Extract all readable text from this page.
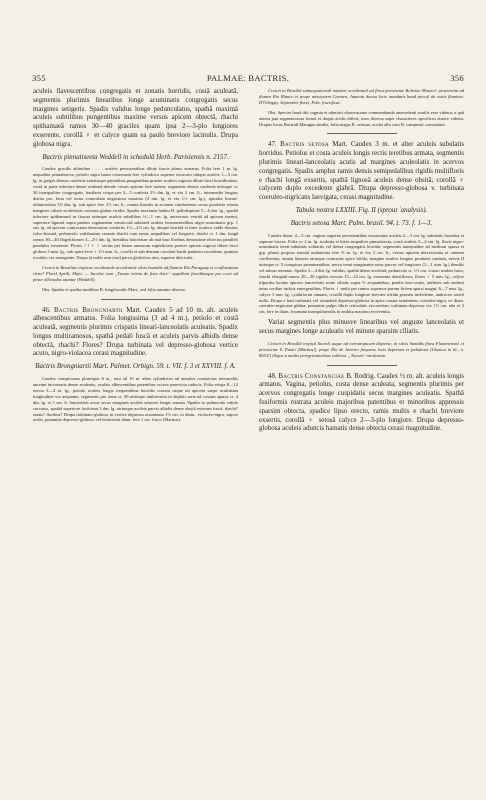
355	PALMAE: BACTRIS.	356

aculeis flavescentibus congregatis et zonatis horridis, costâ aculeatâ, segmentis plurimis linearibus longe acuminatis congregatis secus margines setigeris. Spadix validus longe pedunculatus, spathâ maximâ aculeis subtilibus pungentibus maxime versus apicem obtectâ, rhachi spithamaeâ ramos 30—40 graciles quam ipsa 2—3-plo longiores exserente, corollâ ♀ et calyce quam ea paulo breviore lacinulis. Drupa globosa nigra.

Bactris pinnatiseeta Weddell in schedulâ Herb. Parisiensis n. 2157.

Caudex gracilis altitudine . . . . aculeis persistentibus dilute fuscis planis armatus. Folia fere 1 m. lg. aequaliter pinnatisecta, petiolo supra basin convexum fere cylindrico superne excavato ubique aculeis 1—3 cm. lg. in greges densos confertis zonatisque patentibus pungentibus praeter aculeos nigrosa dilute fusci horridissimo, costâ in parte inferiore dense aculeatâ deinde versus apicem fere inermi; segmentis densis confertis utrinque cr. 30 inaequaliter congregatis, basilaria crispa per 3—5 conferta 2½ dm. lg. et vix 2 cm. lt., intermedia longius distita pro, bina vel terna conocalata angustiora maxima (4 dm. lg. et vix 1½ cm. lg.), apicalia lineari-oblanceolata 3½ dm. lg. sub apice fere 2½ cm. lt., omnia lineatis in acumen cunduriense secus produeta verum margines ciliato-aculeolatis coterum glabra viridia. Spadix maximus habitu B. pallidispinae 5—6 dm. lg., spathâ inferiore spithamaeâ in fissura utrinque aculeis subtilibus ⅓—1 cm. lg. aureorasis vestitâ ad apicem inermi, superiore lignosâ supra partem vaginantem ventricosâ subtraeâ aculeis ferrumentalibus nigro-acuminatis grp. 1 cm. lg. ad apicem contractum densissime confertis 1½—2½ cm. lg. ubique horridâ et inter aculeos valde dissitos fulvo-hirsutâ, pedunculo validissimo cerante rhachi cum ramis aequalibus vel longiore, rhachi cr. 1 dm. longâ ramos 30—40 flageliformes 3—2½ dm. lg. breuibus bracteatae ab imâ basi floribus densissime obtectos paralleli pendulos exserente. Flores ♂? ♀ ♀ ravins per lotam ramorum superficiem praeter apicem nigrosi dilute fusci globosi 3 mm. lg., sub apice leve ♀ 2½ mm. lt., corolla et sub demum circulari basili pauleem excedente, granino ovoideo vix emergente. Drupa (a nobis non visa) parva globulosa atra, superne dulcicula.

Crescit in Brasiliae tropicae occidentale accidentale silvis humidis ad flumine Rio Paraguay et confluentium rivas? Florel Aprili, Majo. — Incolae eam „Tucum mirim de fixta doce“ appellant fructibusque pro cocò ad pinxe ollicindas utuntur (Weddell).

Obs. Spadix et spatha similibus B. longifrondis Mart., sed folia omnino diversa.

46. Bactris Brongniartii Mart. Caudex 5 ad 10 m. alt. aculeis albescentibus armatus. Folia longissima (3 ad 4 m.), petiolo et costâ aculeatâ, segmentis plurimis crispatis lineari-lanceolatis aculeatis. Spadix longus multiramosus, spathâ pedali fuscâ et aculeis parvis albidis dense obtectâ, rhachi? Flores? Drupa turbinata vel depresso-globosa verticе acuto, nigro-violacea cerasi magnitudine.

Bactris Brongniartii Mart. Palmet. Orbign. 59. t. VII. f. 3 et XXVIII. f. A.

Caudex conspicuous pluresque 6 m., raro ad 10 m. altus cylindricus ad annulos constrictus internodiis aureum incrassatis dense aculeatis, aculeis albescentibus patentibus octave praevicta caducis. Folia erispa 8—12 erecta 3—4 m. lg.; petiolo aculeis longis frequentibus horridis costam usque ad apicem saepe aculeatam longitudine vix aequante; segmentis pro ieme cr. 50 utrinque uniloeverta in depluii serie ad costam sparsa cr. 4 dm. lg. et 3 cm. lt. lanceolatis acuis secus margines aculeis setaceis longis armata. Spadix in pedunculo valido curvatus, spathâ superiore fusiformi 3 dm. lg. utrimque aculeis parvis albidis dense obsitâ exterum fuscâ, rhachi? ramis? floribus? Drupa turbinato-globosa in vertice depresso acuminata 1½ cm. in diam., violaceo-nigra, sapore acido, putamine depresso-globoso vel lenticulari diam. fere 1 cm. fusco (Martius).

Crescit in Brasiliâ subaequatoriali maxime occidentali ad flora provinciae Boliviae Matoto², praesertim ad flumen Rio Blanco et prope missionem Carmen, Juanota docua locis inundatis haud procul ab ostiis fluminis: D'Orbigny. Septembri floret, Febr. fructificat.

Obs. Species haud tibi cognita et ulteriori observatione commendanda antecedenti similis esse videtur, a quâ autem jam segmentorum formâ et drupis acidis differt; mox diversa super characteres specificos sistere videtur. Drupas lucus Bactridi Maragus similis, folia magis B. setosae, aculei albi cum B. campestri conveniunt.

47. Bactris setosa Mart. Caudex 3 m. et alter aculeis subulatis horridus. Petiolus et costa aculeis longis rectis teretibus armata, segmentis plurimis lineari-lanceolatis acutis ad margines aculeolatis in acervos congregatis. Spadix amplus ramis densis semipedalibus rigidis multifloris e rhachi longâ exsertis, spathâ lignosâ aculeis dense obsitâ, corollâ ♀ calycem duplo excedente glabrâ. Drupa depresso-globosa v. turbinata coeruleo-nigricans laevigata, cerasi magnitudine.

Tabula nostra LXXIII. Fig. II (sprout ̕ analysis).

Bactris setosa Mart. Palm. brasil. 94. t. 73. f. 1—3.

Caudex diam. 4—5 cm. vaginis superne persistentibus incrassatus aculeis 2—3 cm. lg. subulatis horridus et superne fuscus. Folia cr. 2 m. lg. aculeata et bivia aequaliter pinnatisecta, costâ aculeis 3—4 cm. lg. flavis nigro-acuminatis tereti-subulatis solitariis vel densa congregatis horrida; segmentis inaequaliter ad medium sparsa et grp. plures propius remotâ unilaterata fere ⅔ m. lg. et vix 3 cm. lt., versus apicem decrescentia et omnem confluentia, omnia linearia utrinque contractis apice bifida, margine aculeis longius produeta caudata, nervis II utrinque cr. 5 conspicue prominentibus, nervo tenui marginante setas parvas vel longiores (1—1 mm. lg.) densâis vel minus remotas. Spadix 3—4 dm. lg. validus, spathâ dense aculeatâ, pedunculo cr. 1½ cm. crasso aculeis hirto, rhachi elongatâ ramos 20—30 rigidos erectos 15—14 cm. lg. exserente densifloros; flores ♂ 5 mm. lg., calyce tripartita lacinis apicem lanceolatis acute ciliatis supra ⅓ acquantibus, petalis lato-ovatis, antheris sub anthesi intus cordiae incluis emergentibus. Flores ♀ multi per ramos supernos parum ficiem sparsi magni, 6—7 mm. lg., calyce 3 mm. lg. cyathiformi sinuato, corollâ duplo longiore breviter trifida germen includente, androceo sterili nullo. Drupa e basi turbinatâ vel rotundatâ depresso-globosa in apice ornata semiintens coeruleo-nigra, ex diam. coeruleo-nigricans glabra, putamine pulpo fibris reticulatis viscondrato turbinato-depressa vix 1½ cm. alta et 2 cm. fere in diam. foramina inaequilateralis in ambitu maximo evolventia.

Variat segmentis plus minusve linearibus vel anguste lanceolatis et secus margines longe aculeatis vel minute sparsim ciliatis.

Crescit in Brasiliâ tropicâ litorali usque ad extratropicam disperse, in silvis humidis flava Fluminensis! et provinciae S. Paulo (Martius!), prope Rio de Janeiro frequens locis depressis et paludosis (Glaziou in lit., n. 8052!) illique a multis peregrinatoribus collecta. „Tucum“ incolarum.

48. Bactris Constanciae B. Rodrig. Caudex ½ m. alt. aculeis longis armatus. Vagina, petiolus, costa dense aculeata, segmentis plurimis per acervos congregatis longe cuspidatis secus margines aculeatis. Spathâ fusiformis rostrata aculeis majoribus patentibus et minoribus appressis sparsim obtecta, spadice lipso erecto, ramis multis e rhachi breviore exsertis, corollâ ♀ setosâ calyce 2—3-plo longiore. Drupa depresso-globosa aculeis aduncis hamatis dense obtecta cerasi magnitudine.
